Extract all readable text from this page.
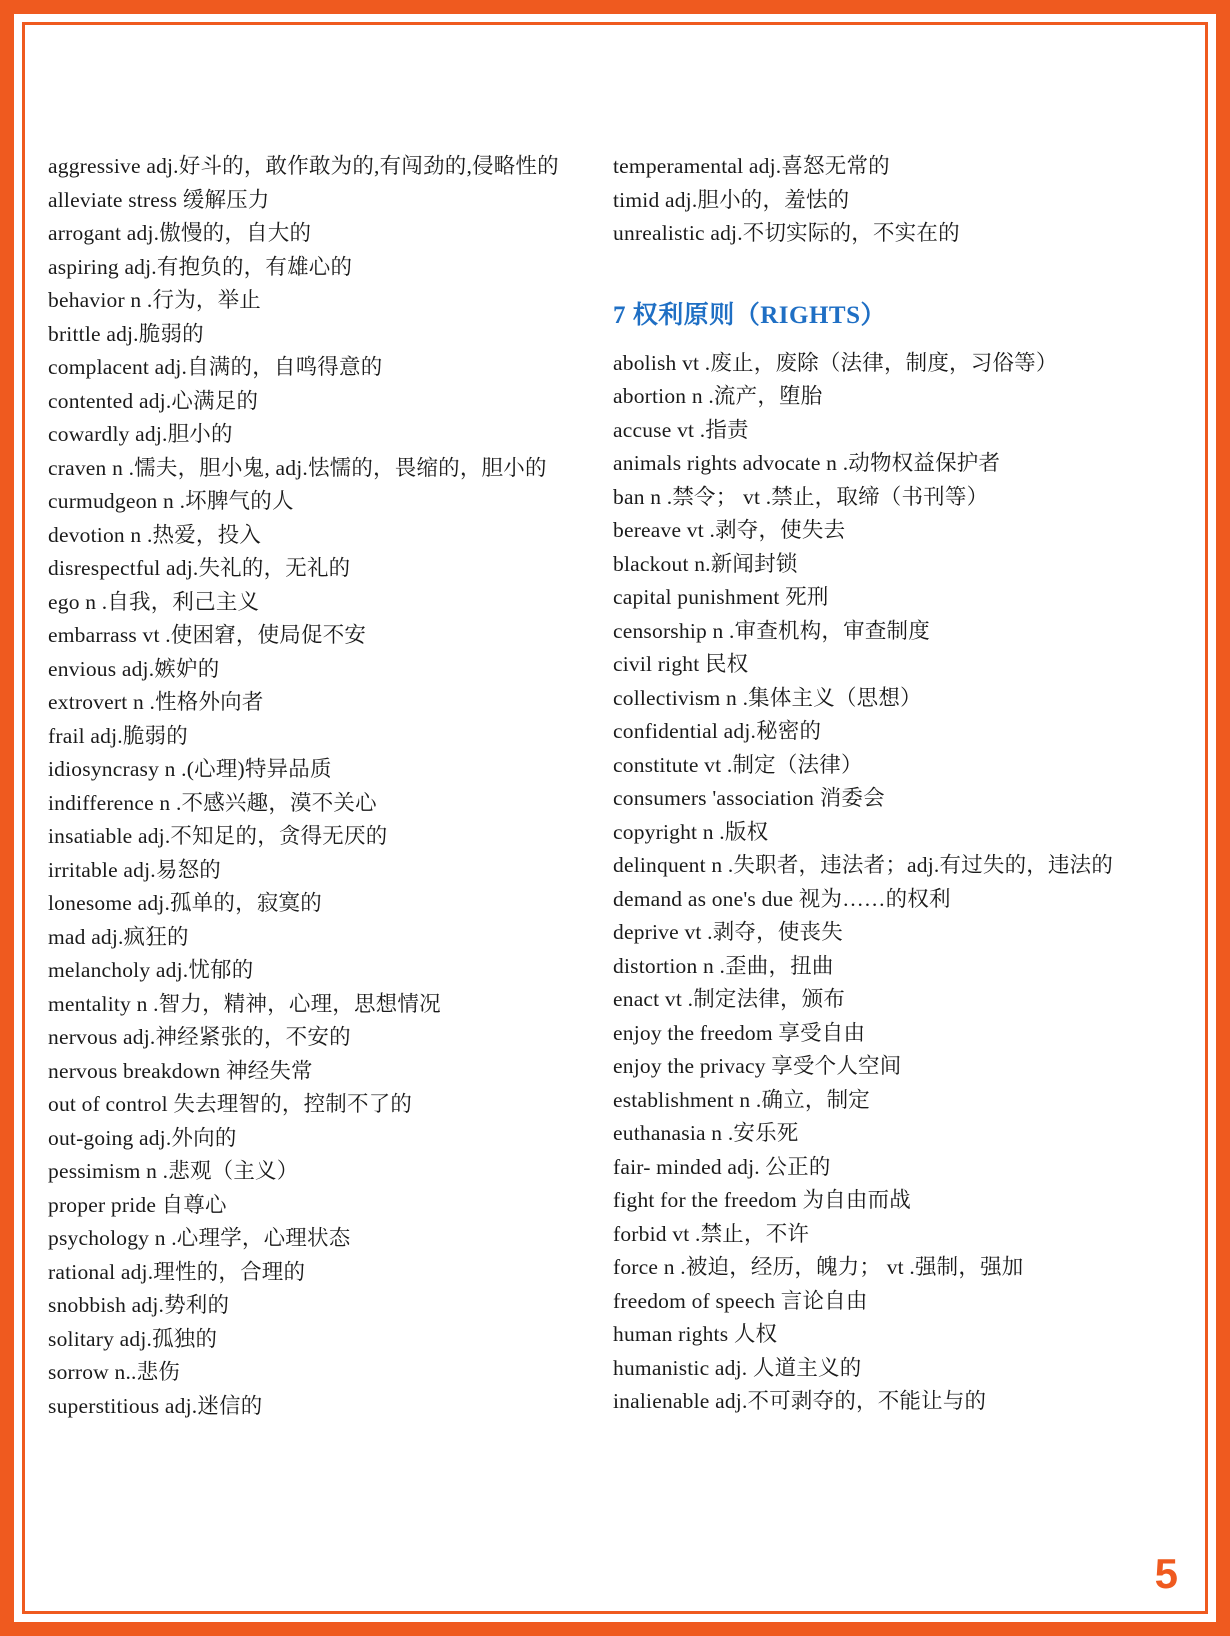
aggressive adj.好斗的，敢作敢为的,有闯劲的,侵略性的
alleviate stress 缓解压力
arrogant adj.傲慢的，自大的
aspiring adj.有抱负的，有雄心的
behavior n .行为，举止
brittle adj.脆弱的
complacent adj.自满的，自鸣得意的
contented adj.心满足的
cowardly adj.胆小的
craven n .懦夫，胆小鬼, adj.怯懦的，畏缩的，胆小的
curmudgeon n .坏脾气的人
devotion n .热爱，投入
disrespectful adj.失礼的，无礼的
ego n .自我，利己主义
embarrass vt .使困窘，使局促不安
envious adj.嫉妒的
extrovert n .性格外向者
frail adj.脆弱的
idiosyncrasy n .(心理)特异品质
indifference n .不感兴趣，漠不关心
insatiable adj.不知足的，贪得无厌的
irritable adj.易怒的
lonesome adj.孤单的，寂寞的
mad adj.疯狂的
melancholy adj.忧郁的
mentality n .智力，精神，心理，思想情况
nervous adj.神经紧张的，不安的
nervous breakdown 神经失常
out of control 失去理智的，控制不了的
out-going adj.外向的
pessimism n .悲观（主义）
proper pride 自尊心
psychology n .心理学，心理状态
rational adj.理性的，合理的
snobbish adj.势利的
solitary adj.孤独的
sorrow n..悲伤
superstitious adj.迷信的
temperamental adj.喜怒无常的
timid adj.胆小的，羞怯的
unrealistic adj.不切实际的，不实在的
7 权利原则（RIGHTS）
abolish vt .废止，废除（法律，制度，习俗等）
abortion n .流产，堕胎
accuse vt .指责
animals rights advocate n .动物权益保护者
ban n .禁令； vt .禁止，取缔（书刊等）
bereave vt .剥夺，使失去
blackout n.新闻封锁
capital punishment 死刑
censorship n .审查机构，审查制度
civil right 民权
collectivism n .集体主义（思想）
confidential adj.秘密的
constitute vt .制定（法律）
consumers 'association 消委会
copyright n .版权
delinquent n .失职者，违法者；adj.有过失的，违法的
demand as one's due 视为……的权利
deprive vt .剥夺，使丧失
distortion n .歪曲，扭曲
enact vt .制定法律，颁布
enjoy the freedom 享受自由
enjoy the privacy 享受个人空间
establishment n .确立，制定
euthanasia n .安乐死
fair- minded adj. 公正的
fight for the freedom 为自由而战
forbid vt .禁止，不许
force n .被迫，经历，魄力； vt .强制，强加
freedom of speech 言论自由
human rights 人权
humanistic adj. 人道主义的
inalienable adj.不可剥夺的，不能让与的
5
